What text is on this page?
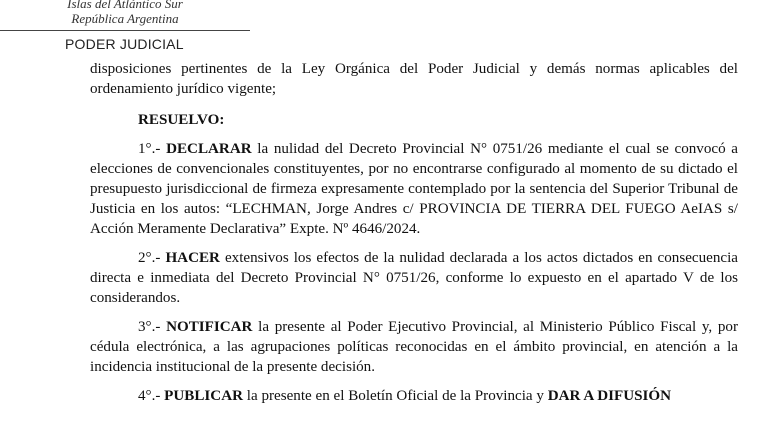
Islas del Atlántico Sur
República Argentina
PODER JUDICIAL

disposiciones pertinentes de la Ley Orgánica del Poder Judicial y demás normas aplicables del ordenamiento jurídico vigente;

RESUELVO:

1°.- DECLARAR la nulidad del Decreto Provincial N° 0751/26 mediante el cual se convocó a elecciones de convencionales constituyentes, por no encontrarse configurado al momento de su dictado el presupuesto jurisdiccional de firmeza expresamente contemplado por la sentencia del Superior Tribunal de Justicia en los autos: “LECHMAN, Jorge Andres c/ PROVINCIA DE TIERRA DEL FUEGO AeIAS s/ Acción Meramente Declarativa” Expte. Nº 4646/2024.

2°.- HACER extensivos los efectos de la nulidad declarada a los actos dictados en consecuencia directa e inmediata del Decreto Provincial N° 0751/26, conforme lo expuesto en el apartado V de los considerandos.

3°.- NOTIFICAR la presente al Poder Ejecutivo Provincial, al Ministerio Público Fiscal y, por cédula electrónica, a las agrupaciones políticas reconocidas en el ámbito provincial, en atención a la incidencia institucional de la presente decisión.

4°.- PUBLICAR la presente en el Boletín Oficial de la Provincia y DAR A DIFUSIÓN
